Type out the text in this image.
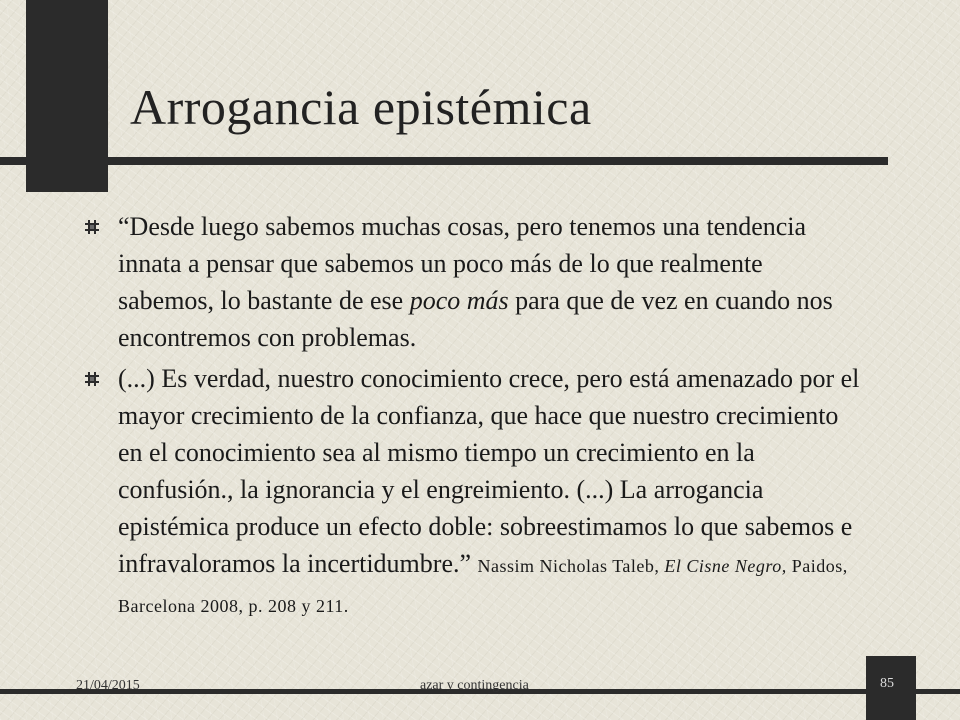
Arrogancia epistémica
“Desde luego sabemos muchas cosas, pero tenemos una tendencia innata a pensar que sabemos un poco más de lo que realmente sabemos, lo bastante de ese poco más para que de vez en cuando nos encontremos con problemas.
(...) Es verdad, nuestro conocimiento crece, pero está amenazado por el mayor crecimiento de la confianza, que hace que nuestro crecimiento en el conocimiento sea al mismo tiempo un crecimiento en la confusión., la ignorancia y el engreimiento. (...) La arrogancia epistémica produce un efecto doble: sobreestimamos lo que sabemos e infravaloramos la incertidumbre.” Nassim Nicholas Taleb, El Cisne Negro, Paidos, Barcelona 2008, p. 208 y 211.
85
21/04/2015	azar y contingencia
